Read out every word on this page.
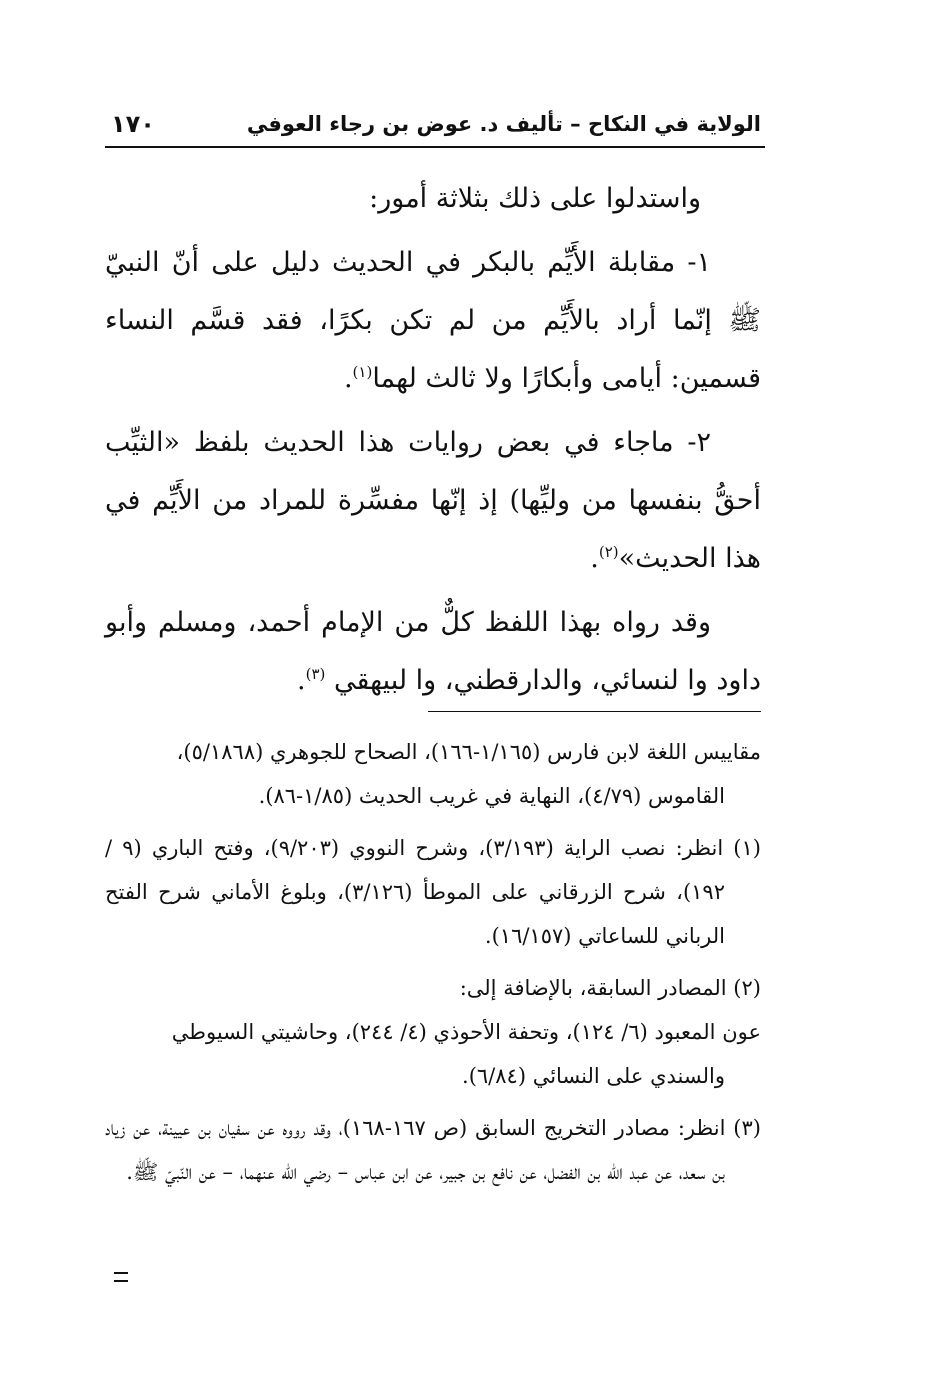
الولاية في النكاح – تأليف د. عوض بن رجاء العوفي
١٧٠

واستدلوا على ذلك بثلاثة أمور:

١- مقابلة الأَيِّم بالبكر في الحديث دليل على أنّ النبيّ ﷺ إنّما أراد بالأَيِّم من لم تكن بكرًا، فقد قسَّم النساء قسمين: أيامى وأبكارًا ولا ثالث لهما$^{(١)}$.

٢- ماجاء في بعض روايات هذا الحديث بلفظ «الثيِّب أحقُّ بنفسها من وليِّها) إذ إنّها مفسِّرة للمراد من الأَيِّم في هذا الحديث»$^{(٢)}$.

وقد رواه بهذا اللفظ كلٌّ من الإمام أحمد، ومسلم وأبو داود وا لنسائي، والدارقطني، وا لبيهقي $^{(٣)}$.

مقاييس اللغة لابن فارس (١/١٦٥-١٦٦)، الصحاح للجوهري (٥/١٨٦٨)،
القاموس (٤/٧٩)، النهاية في غريب الحديث (١/٨٥-٨٦).

(١) انظر: نصب الراية (٣/١٩٣)، وشرح النووي (٩/٢٠٣)، وفتح الباري (٩ / ١٩٢)، شرح الزرقاني على الموطأ (٣/١٢٦)، وبلوغ الأماني شرح الفتح الرباني للساعاتي (١٦/١٥٧).

(٢) المصادر السابقة، بالإضافة إلى:
عون المعبود (٦/ ١٢٤)، وتحفة الأحوذي (٤/ ٢٤٤)، وحاشيتي السيوطي
والسندي على النسائي (٦/٨٤).

(٣) انظر: مصادر التخريج السابق (ص ١٦٧-١٦٨)، وقد رووه عن سفيان بن عيينة، عن زياد بن سعد، عن عبد الله بن الفضل، عن نافع بن جبير، عن ابن عباس – رضي الله عنهما، – عن النّبيّ ﷺ.
